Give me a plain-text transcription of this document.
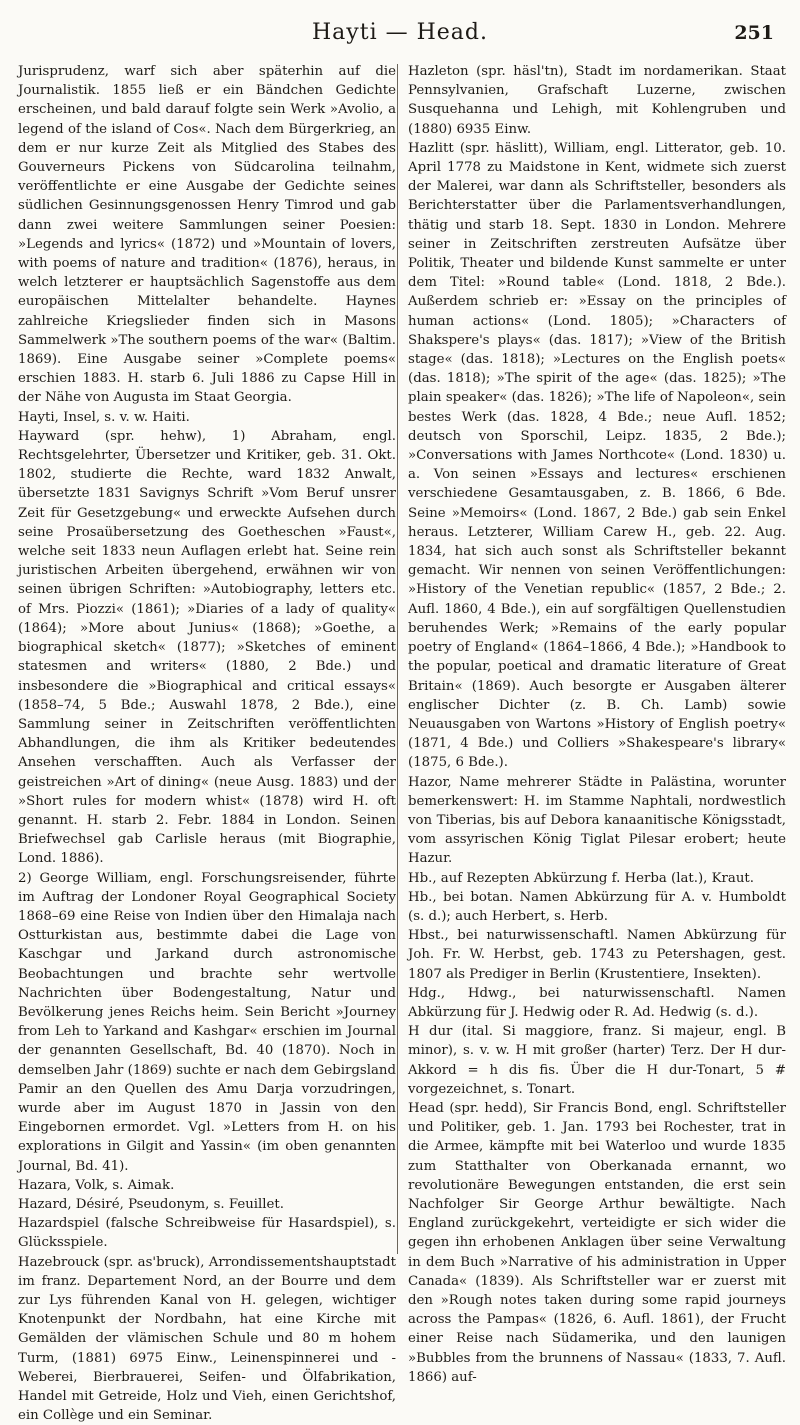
Hayti — Head.	251

Jurisprudenz, warf sich aber späterhin auf die Journalistik. 1855 ließ er ein Bändchen Gedichte erscheinen, und bald darauf folgte sein Werk »Avolio, a legend of the island of Cos«. Nach dem Bürgerkrieg, an dem er nur kurze Zeit als Mitglied des Stabes des Gouverneurs Pickens von Südcarolina teilnahm, veröffentlichte er eine Ausgabe der Gedichte seines südlichen Gesinnungsgenossen Henry Timrod und gab dann zwei weitere Sammlungen seiner Poesien: »Legends and lyrics« (1872) und »Mountain of lovers, with poems of nature and tradition« (1876), heraus, in welch letzterer er hauptsächlich Sagenstoffe aus dem europäischen Mittelalter behandelte. Haynes zahlreiche Kriegslieder finden sich in Masons Sammelwerk »The southern poems of the war« (Baltim. 1869). Eine Ausgabe seiner »Complete poems« erschien 1883. H. starb 6. Juli 1886 zu Capse Hill in der Nähe von Augusta im Staat Georgia.

Hayti, Insel, s. v. w. Haiti.

Hayward (spr. hehw), 1) Abraham, engl. Rechtsgelehrter, Übersetzer und Kritiker, geb. 31. Okt. 1802, studierte die Rechte, ward 1832 Anwalt, übersetzte 1831 Savignys Schrift »Vom Beruf unsrer Zeit für Gesetzgebung« und erweckte Aufsehen durch seine Prosaübersetzung des Goetheschen »Faust«, welche seit 1833 neun Auflagen erlebt hat. Seine rein juristischen Arbeiten übergehend, erwähnen wir von seinen übrigen Schriften: »Autobiography, letters etc. of Mrs. Piozzi« (1861); »Diaries of a lady of quality« (1864); »More about Junius« (1868); »Goethe, a biographical sketch« (1877); »Sketches of eminent statesmen and writers« (1880, 2 Bde.) und insbesondere die »Biographical and critical essays« (1858–74, 5 Bde.; Auswahl 1878, 2 Bde.), eine Sammlung seiner in Zeitschriften veröffentlichten Abhandlungen, die ihm als Kritiker bedeutendes Ansehen verschafften. Auch als Verfasser der geistreichen »Art of dining« (neue Ausg. 1883) und der »Short rules for modern whist« (1878) wird H. oft genannt. H. starb 2. Febr. 1884 in London. Seinen Briefwechsel gab Carlisle heraus (mit Biographie, Lond. 1886).

2) George William, engl. Forschungsreisender, führte im Auftrag der Londoner Royal Geographical Society 1868–69 eine Reise von Indien über den Himalaja nach Ostturkistan aus, bestimmte dabei die Lage von Kaschgar und Jarkand durch astronomische Beobachtungen und brachte sehr wertvolle Nachrichten über Bodengestaltung, Natur und Bevölkerung jenes Reichs heim. Sein Bericht »Journey from Leh to Yarkand and Kashgar« erschien im Journal der genannten Gesellschaft, Bd. 40 (1870). Noch in demselben Jahr (1869) suchte er nach dem Gebirgsland Pamir an den Quellen des Amu Darja vorzudringen, wurde aber im August 1870 in Jassin von den Eingebornen ermordet. Vgl. »Letters from H. on his explorations in Gilgit and Yassin« (im oben genannten Journal, Bd. 41).

Hazara, Volk, s. Aimak.

Hazard, Désiré, Pseudonym, s. Feuillet.

Hazardspiel (falsche Schreibweise für Hasardspiel), s. Glücksspiele.

Hazebrouck (spr. as'bruck), Arrondissementshauptstadt im franz. Departement Nord, an der Bourre und dem zur Lys führenden Kanal von H. gelegen, wichtiger Knotenpunkt der Nordbahn, hat eine Kirche mit Gemälden der vlämischen Schule und 80 m hohem Turm, (1881) 6975 Einw., Leinenspinnerei und -Weberei, Bierbrauerei, Seifen- und Ölfabrikation, Handel mit Getreide, Holz und Vieh, einen Gerichtshof, ein Collège und ein Seminar.

Hazleton (spr. häsl'tn), Stadt im nordamerikan. Staat Pennsylvanien, Grafschaft Luzerne, zwischen Susquehanna und Lehigh, mit Kohlengruben und (1880) 6935 Einw.

Hazlitt (spr. häslitt), William, engl. Litterator, geb. 10. April 1778 zu Maidstone in Kent, widmete sich zuerst der Malerei, war dann als Schriftsteller, besonders als Berichterstatter über die Parlamentsverhandlungen, thätig und starb 18. Sept. 1830 in London. Mehrere seiner in Zeitschriften zerstreuten Aufsätze über Politik, Theater und bildende Kunst sammelte er unter dem Titel: »Round table« (Lond. 1818, 2 Bde.). Außerdem schrieb er: »Essay on the principles of human actions« (Lond. 1805); »Characters of Shakspere's plays« (das. 1817); »View of the British stage« (das. 1818); »Lectures on the English poets« (das. 1818); »The spirit of the age« (das. 1825); »The plain speaker« (das. 1826); »The life of Napoleon«, sein bestes Werk (das. 1828, 4 Bde.; neue Aufl. 1852; deutsch von Sporschil, Leipz. 1835, 2 Bde.); »Conversations with James Northcote« (Lond. 1830) u. a. Von seinen »Essays and lectures« erschienen verschiedene Gesamtausgaben, z. B. 1866, 6 Bde. Seine »Memoirs« (Lond. 1867, 2 Bde.) gab sein Enkel heraus. Letzterer, William Carew H., geb. 22. Aug. 1834, hat sich auch sonst als Schriftsteller bekannt gemacht. Wir nennen von seinen Veröffentlichungen: »History of the Venetian republic« (1857, 2 Bde.; 2. Aufl. 1860, 4 Bde.), ein auf sorgfältigen Quellenstudien beruhendes Werk; »Remains of the early popular poetry of England« (1864–1866, 4 Bde.); »Handbook to the popular, poetical and dramatic literature of Great Britain« (1869). Auch besorgte er Ausgaben älterer englischer Dichter (z. B. Ch. Lamb) sowie Neuausgaben von Wartons »History of English poetry« (1871, 4 Bde.) und Colliers »Shakespeare's library« (1875, 6 Bde.).

Hazor, Name mehrerer Städte in Palästina, worunter bemerkenswert: H. im Stamme Naphtali, nordwestlich von Tiberias, bis auf Debora kanaanitische Königsstadt, vom assyrischen König Tiglat Pilesar erobert; heute Hazur.

Hb., auf Rezepten Abkürzung f. Herba (lat.), Kraut.

Hb., bei botan. Namen Abkürzung für A. v. Humboldt (s. d.); auch Herbert, s. Herb.

Hbst., bei naturwissenschaftl. Namen Abkürzung für Joh. Fr. W. Herbst, geb. 1743 zu Petershagen, gest. 1807 als Prediger in Berlin (Krustentiere, Insekten).

Hdg., Hdwg., bei naturwissenschaftl. Namen Abkürzung für J. Hedwig oder R. Ad. Hedwig (s. d.).

H dur (ital. Si maggiore, franz. Si majeur, engl. B minor), s. v. w. H mit großer (harter) Terz. Der H dur-Akkord = h dis fis. Über die H dur-Tonart, 5 # vorgezeichnet, s. Tonart.

Head (spr. hedd), Sir Francis Bond, engl. Schriftsteller und Politiker, geb. 1. Jan. 1793 bei Rochester, trat in die Armee, kämpfte mit bei Waterloo und wurde 1835 zum Statthalter von Oberkanada ernannt, wo revolutionäre Bewegungen entstanden, die erst sein Nachfolger Sir George Arthur bewältigte. Nach England zurückgekehrt, verteidigte er sich wider die gegen ihn erhobenen Anklagen über seine Verwaltung in dem Buch »Narrative of his administration in Upper Canada« (1839). Als Schriftsteller war er zuerst mit den »Rough notes taken during some rapid journeys across the Pampas« (1826, 6. Aufl. 1861), der Frucht einer Reise nach Südamerika, und den launigen »Bubbles from the brunnens of Nassau« (1833, 7. Aufl. 1866) auf-
